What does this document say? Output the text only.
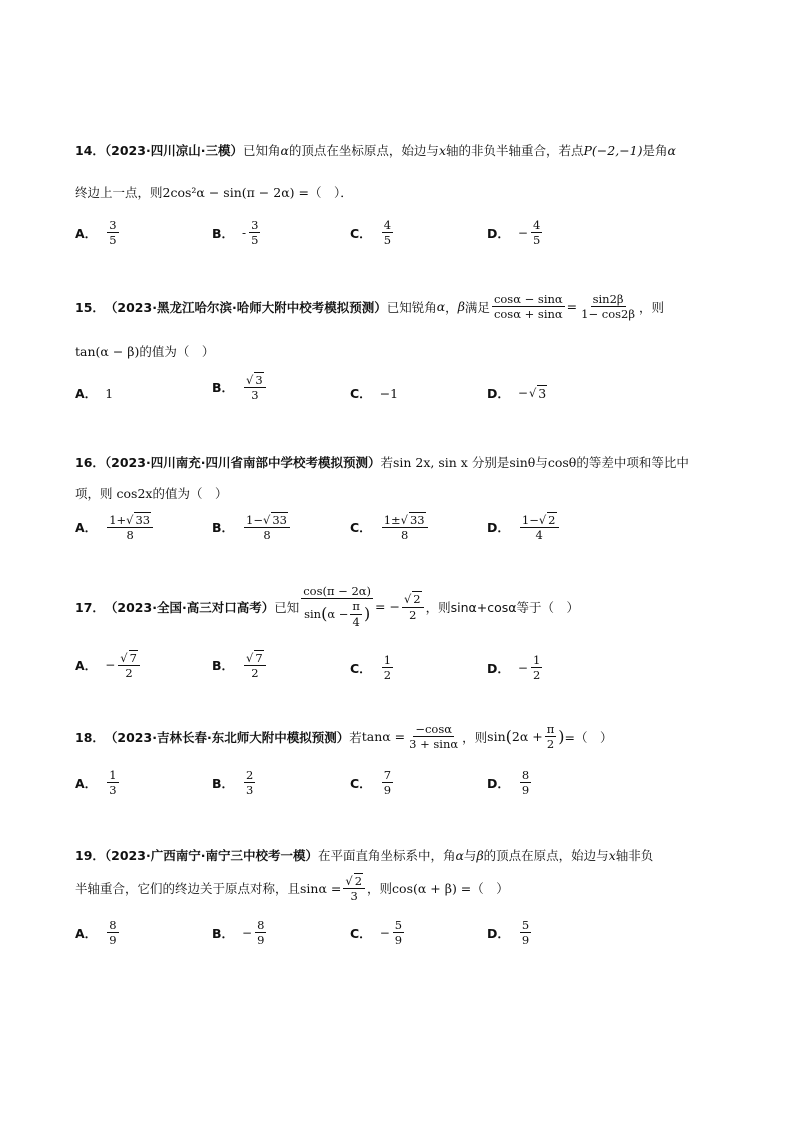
14．（2023·四川凉山·三模）已知角α的顶点在坐标原点，始边与x轴的非负半轴重合，若点P(−2,−1)是角α
终边上一点，则2cos²α − sin(π − 2α) =（　）．
A． $\frac{3}{5}$	B． - $\frac{3}{5}$	C． $\frac{4}{5}$	D． − $\frac{4}{5}$
15． （2023·黑龙江哈尔滨·哈师大附中校考模拟预测） 已知锐角 α ， β 满足 $\frac{\cos\alpha - \sin\alpha}{\cos\alpha + \sin\alpha} = \frac{\sin 2\beta}{1- \cos 2\beta}$ ，则
tan(α − β)的值为（　）
A． 1	B． $\frac{√ 3}{3}$	C． −1	D． − √ 3
16．（2023·四川南充·四川省南部中学校考模拟预测）若sin 2x, sin x 分别是sinθ与cosθ的等差中项和等比中
项，则 cos2x的值为（　）
A． $\frac{1+√ 33}{8}$	B． $\frac{1-√ 33}{8}$	C． $\frac{1\pm√ 33}{8}$	D． $\frac{1-√ 2}{4}$
17． （2023·全国·高三对口高考） 已知 $\frac{\cos(\pi - 2\alpha)}{\sin ( \alpha - \frac{\pi}{4} )}$ = − $\frac{√ 2}{2}$ ，则sinα+cosα等于（　）
A． − $\frac{√ 7}{2}$	B． $\frac{√ 7}{2}$	C． $\frac{1}{2}$	D． − $\frac{1}{2}$
18． （2023·吉林长春·东北师大附中模拟预测） 若 $\tan\alpha = \frac{-\cos\alpha}{3 + \sin\alpha}$ ，则 sin ( $2\alpha + \frac{\pi}{2}$ ) =（　）
A． $\frac{1}{3}$	B． $\frac{2}{3}$	C． $\frac{7}{9}$	D． $\frac{8}{9}$
19．（2023·广西南宁·南宁三中校考一模）在平面直角坐标系中，角α与β的顶点在原点，始边与x轴非负
半轴重合，它们的终边关于原点对称，且 $\sin\alpha = \frac{√ 2}{3}$ ，则 cos(α + β) = （　）
A． $\frac{8}{9}$	B． − $\frac{8}{9}$	C． − $\frac{5}{9}$	D． $\frac{5}{9}$
